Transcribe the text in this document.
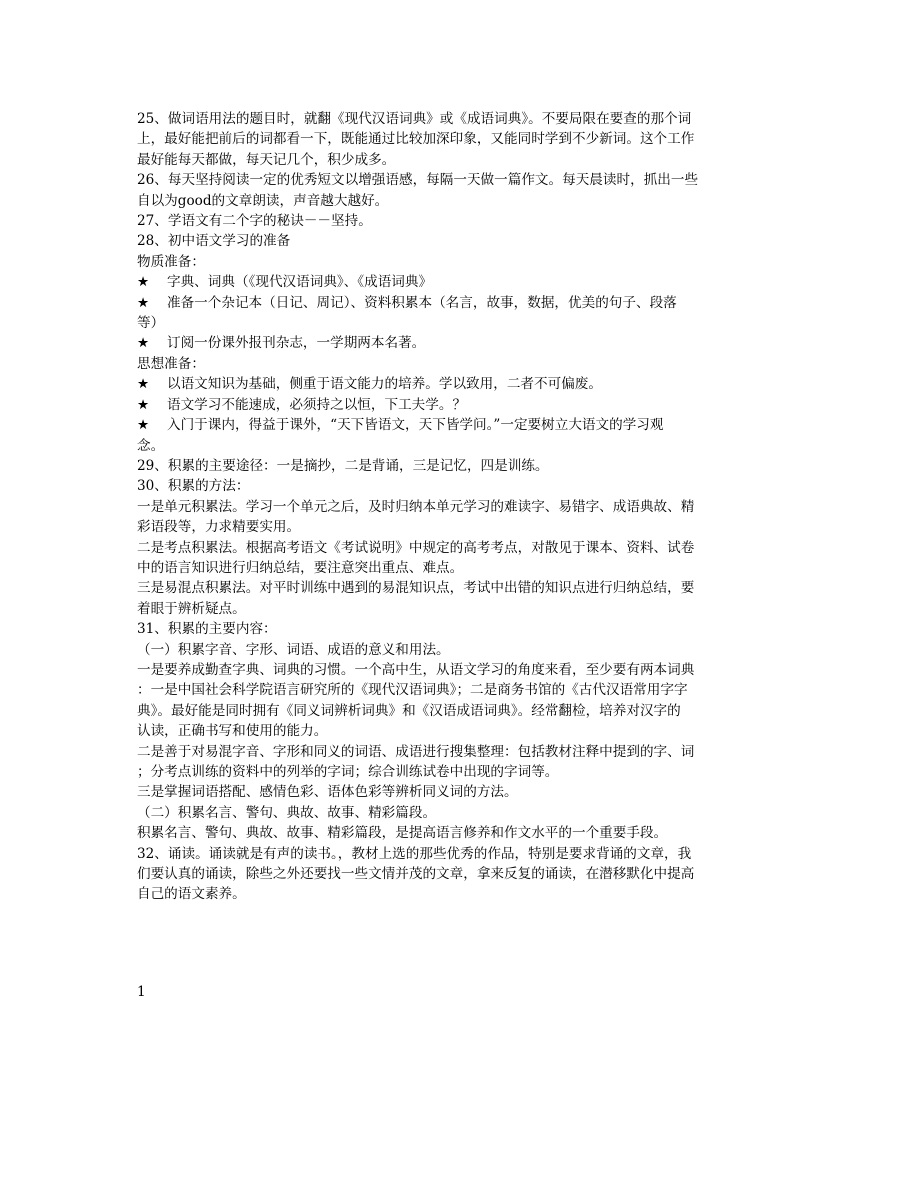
25、做词语用法的题目时，就翻《现代汉语词典》或《成语词典》。不要局限在要查的那个词
上，最好能把前后的词都看一下，既能通过比较加深印象，又能同时学到不少新词。这个工作
最好能每天都做，每天记几个，积少成多。
26、每天坚持阅读一定的优秀短文以增强语感，每隔一天做一篇作文。每天晨读时，抓出一些
自以为good的文章朗读，声音越大越好。
27、学语文有二个字的秘诀－－坚持。
28、初中语文学习的准备
物质准备：
★	字典、词典（《现代汉语词典》、《成语词典》
★	准备一个杂记本（日记、周记）、资料积累本（名言，故事，数据，优美的句子、段落
等）
★	订阅一份课外报刊杂志，一学期两本名著。
思想准备：
★	以语文知识为基础，侧重于语文能力的培养。学以致用，二者不可偏废。
★	语文学习不能速成，必须持之以恒，下工夫学。？
★	入门于课内，得益于课外，“天下皆语文，天下皆学问。”一定要树立大语文的学习观
念。
29、积累的主要途径：一是摘抄，二是背诵，三是记忆，四是训练。
30、积累的方法：
一是单元积累法。学习一个单元之后，及时归纳本单元学习的难读字、易错字、成语典故、精
彩语段等，力求精要实用。
二是考点积累法。根据高考语文《考试说明》中规定的高考考点，对散见于课本、资料、试卷
中的语言知识进行归纳总结，要注意突出重点、难点。
三是易混点积累法。对平时训练中遇到的易混知识点，考试中出错的知识点进行归纳总结，要
着眼于辨析疑点。
31、积累的主要内容：
（一）积累字音、字形、词语、成语的意义和用法。
一是要养成勤查字典、词典的习惯。一个高中生，从语文学习的角度来看，至少要有两本词典
：一是中国社会科学院语言研究所的《现代汉语词典》；二是商务书馆的《古代汉语常用字字
典》。最好能是同时拥有《同义词辨析词典》和《汉语成语词典》。经常翻检，培养对汉字的
认读，正确书写和使用的能力。
二是善于对易混字音、字形和同义的词语、成语进行搜集整理：包括教材注释中提到的字、词
；分考点训练的资料中的列举的字词；综合训练试卷中出现的字词等。
三是掌握词语搭配、感情色彩、语体色彩等辨析同义词的方法。
（二）积累名言、警句、典故、故事、精彩篇段。
积累名言、警句、典故、故事、精彩篇段，是提高语言修养和作文水平的一个重要手段。
32、诵读。诵读就是有声的读书。，教材上选的那些优秀的作品，特别是要求背诵的文章，我
们要认真的诵读，除些之外还要找一些文情并茂的文章，拿来反复的诵读，在潜移默化中提高
自己的语文素养。
1
